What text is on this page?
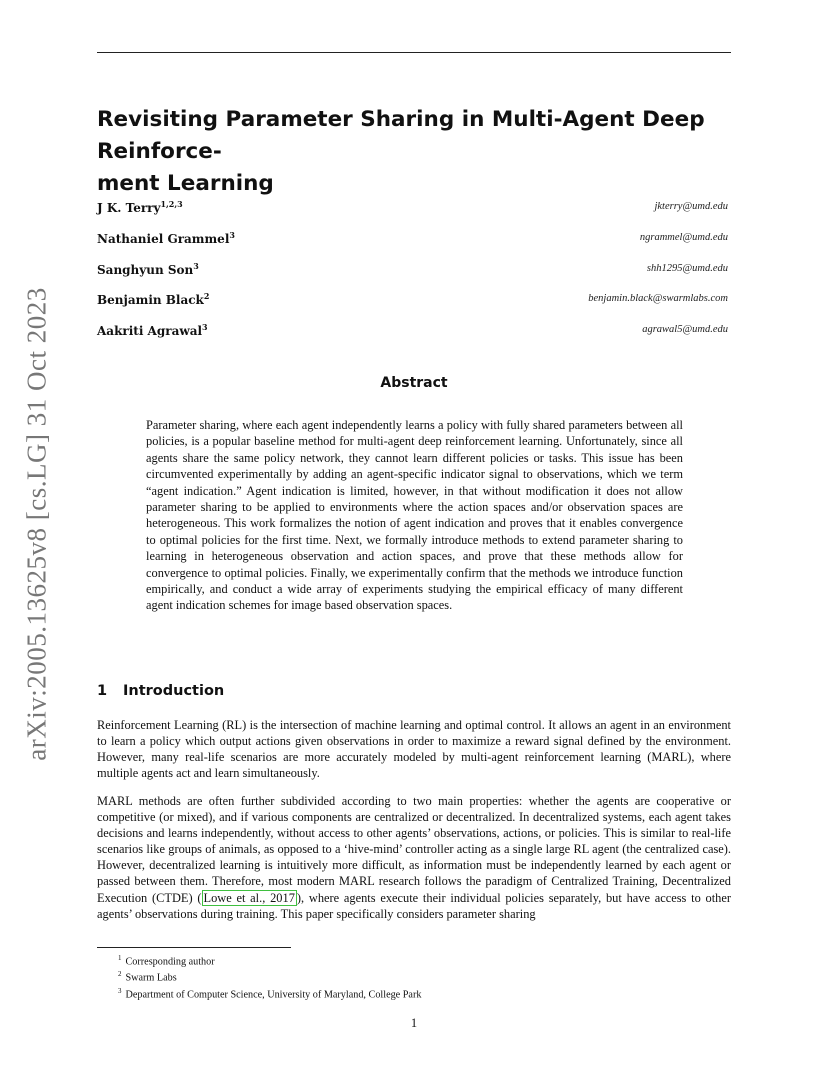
arXiv:2005.13625v8 [cs.LG] 31 Oct 2023
Revisiting Parameter Sharing in Multi-Agent Deep Reinforce-
ment Learning
J K. Terry$^{1,2,3}$	jkterry@umd.edu
Nathaniel Grammel$^3$	ngrammel@umd.edu
Sanghyun Son$^3$	shh1295@umd.edu
Benjamin Black$^2$	benjamin.black@swarmlabs.com
Aakriti Agrawal$^3$	agrawal5@umd.edu
Abstract
Parameter sharing, where each agent independently learns a policy with fully shared parameters between all policies, is a popular baseline method for multi-agent deep reinforcement learning. Unfortunately, since all agents share the same policy network, they cannot learn different policies or tasks. This issue has been circumvented experimentally by adding an agent-specific indicator signal to observations, which we term “agent indication.” Agent indication is limited, however, in that without modification it does not allow parameter sharing to be applied to environments where the action spaces and/or observation spaces are heterogeneous. This work formalizes the notion of agent indication and proves that it enables convergence to optimal policies for the first time. Next, we formally introduce methods to extend parameter sharing to learning in heterogeneous observation and action spaces, and prove that these methods allow for convergence to optimal policies. Finally, we experimentally confirm that the methods we introduce function empirically, and conduct a wide array of experiments studying the empirical efficacy of many different agent indication schemes for image based observation spaces.
1 Introduction
Reinforcement Learning (RL) is the intersection of machine learning and optimal control. It allows an agent in an environment to learn a policy which output actions given observations in order to maximize a reward signal defined by the environment. However, many real-life scenarios are more accurately modeled by multi-agent reinforcement learning (MARL), where multiple agents act and learn simultaneously.
MARL methods are often further subdivided according to two main properties: whether the agents are cooperative or competitive (or mixed), and if various components are centralized or decentralized. In decentralized systems, each agent takes decisions and learns independently, without access to other agents’ observations, actions, or policies. This is similar to real-life scenarios like groups of animals, as opposed to a ‘hive-mind’ controller acting as a single large RL agent (the centralized case). However, decentralized learning is intuitively more difficult, as information must be independently learned by each agent or passed between them. Therefore, most modern MARL research follows the paradigm of Centralized Training, Decentralized Execution (CTDE) ( Lowe et al., 2017 ), where agents execute their individual policies separately, but have access to other agents’ observations during training. This paper specifically considers parameter sharing
$^1$ Corresponding author
$^2$ Swarm Labs
$^3$ Department of Computer Science, University of Maryland, College Park
1
